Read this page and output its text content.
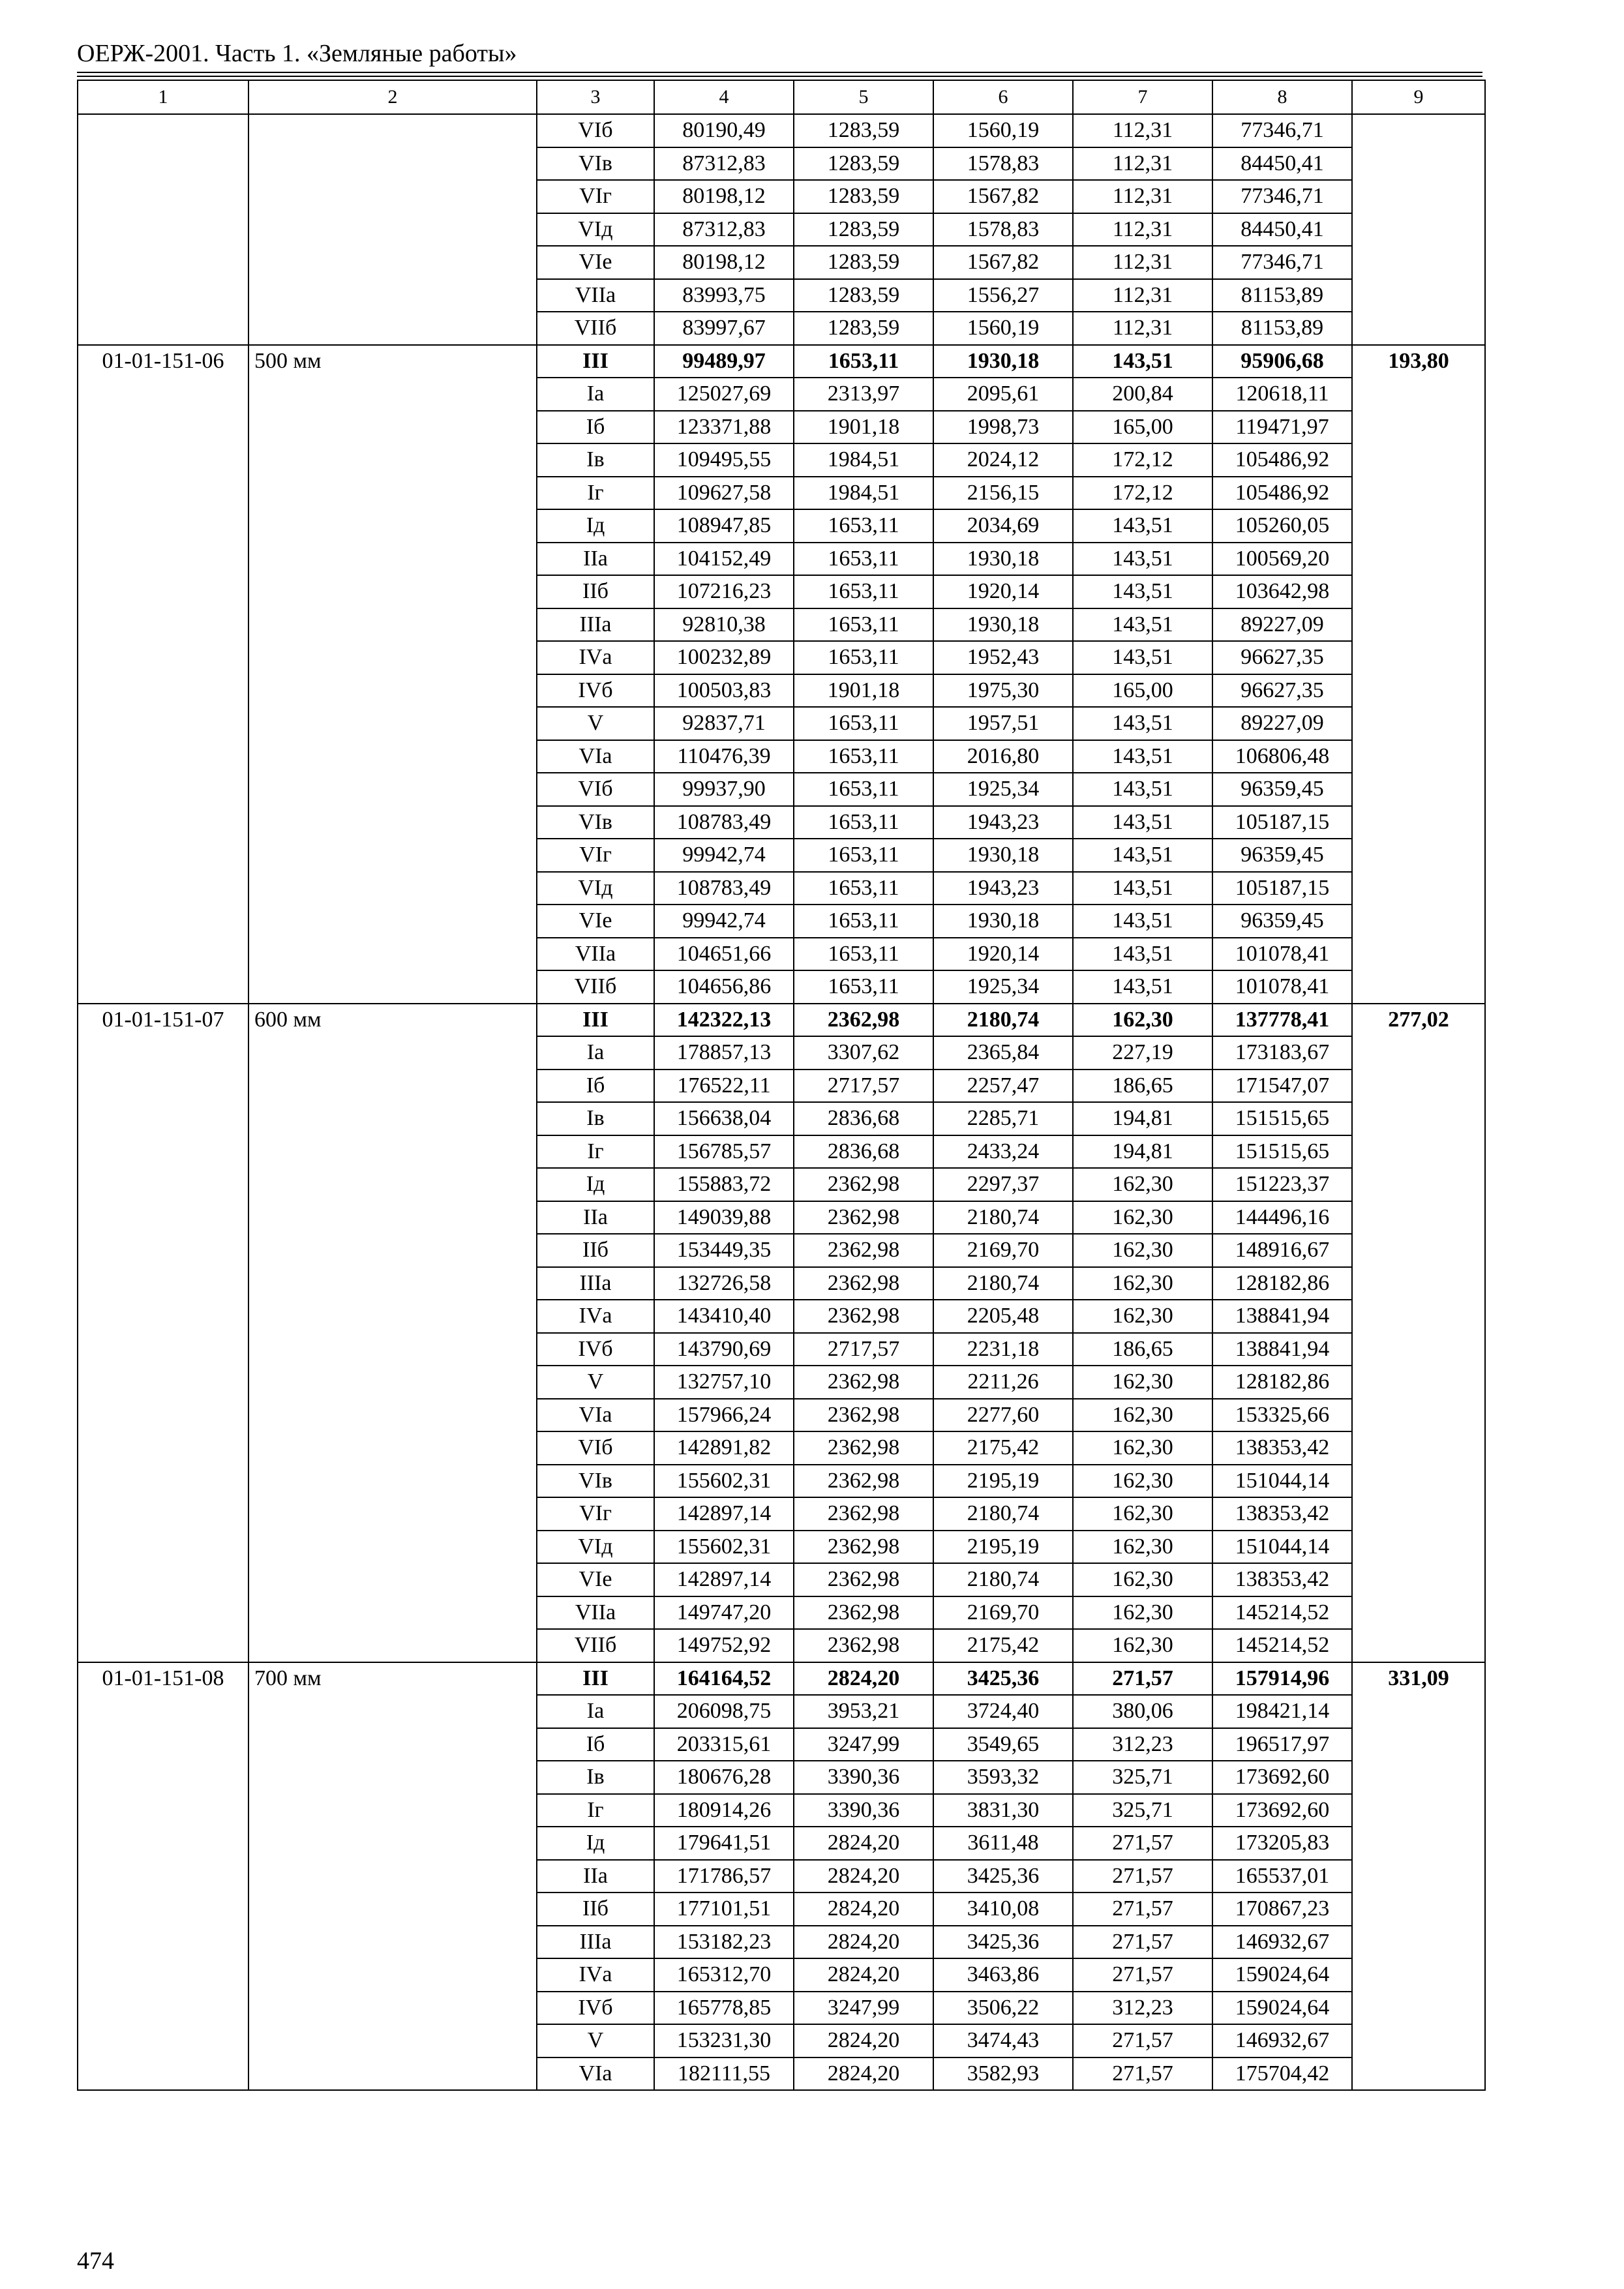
ОЕРЖ-2001. Часть 1. «Земляные работы»
1	2	3	4	5	6	7	8	9
		VIб	80190,49	1283,59	1560,19	112,31	77346,71	
		VIв	87312,83	1283,59	1578,83	112,31	84450,41	
		VIг	80198,12	1283,59	1567,82	112,31	77346,71	
		VIд	87312,83	1283,59	1578,83	112,31	84450,41	
		VIе	80198,12	1283,59	1567,82	112,31	77346,71	
		VIIа	83993,75	1283,59	1556,27	112,31	81153,89	
		VIIб	83997,67	1283,59	1560,19	112,31	81153,89	
01-01-151-06	500 мм	III	99489,97	1653,11	1930,18	143,51	95906,68	193,80
		Iа	125027,69	2313,97	2095,61	200,84	120618,11	
		Iб	123371,88	1901,18	1998,73	165,00	119471,97	
		Iв	109495,55	1984,51	2024,12	172,12	105486,92	
		Iг	109627,58	1984,51	2156,15	172,12	105486,92	
		Iд	108947,85	1653,11	2034,69	143,51	105260,05	
		IIа	104152,49	1653,11	1930,18	143,51	100569,20	
		IIб	107216,23	1653,11	1920,14	143,51	103642,98	
		IIIа	92810,38	1653,11	1930,18	143,51	89227,09	
		IVа	100232,89	1653,11	1952,43	143,51	96627,35	
		IVб	100503,83	1901,18	1975,30	165,00	96627,35	
		V	92837,71	1653,11	1957,51	143,51	89227,09	
		VIа	110476,39	1653,11	2016,80	143,51	106806,48	
		VIб	99937,90	1653,11	1925,34	143,51	96359,45	
		VIв	108783,49	1653,11	1943,23	143,51	105187,15	
		VIг	99942,74	1653,11	1930,18	143,51	96359,45	
		VIд	108783,49	1653,11	1943,23	143,51	105187,15	
		VIе	99942,74	1653,11	1930,18	143,51	96359,45	
		VIIа	104651,66	1653,11	1920,14	143,51	101078,41	
		VIIб	104656,86	1653,11	1925,34	143,51	101078,41	
01-01-151-07	600 мм	III	142322,13	2362,98	2180,74	162,30	137778,41	277,02
		Iа	178857,13	3307,62	2365,84	227,19	173183,67	
		Iб	176522,11	2717,57	2257,47	186,65	171547,07	
		Iв	156638,04	2836,68	2285,71	194,81	151515,65	
		Iг	156785,57	2836,68	2433,24	194,81	151515,65	
		Iд	155883,72	2362,98	2297,37	162,30	151223,37	
		IIа	149039,88	2362,98	2180,74	162,30	144496,16	
		IIб	153449,35	2362,98	2169,70	162,30	148916,67	
		IIIа	132726,58	2362,98	2180,74	162,30	128182,86	
		IVа	143410,40	2362,98	2205,48	162,30	138841,94	
		IVб	143790,69	2717,57	2231,18	186,65	138841,94	
		V	132757,10	2362,98	2211,26	162,30	128182,86	
		VIа	157966,24	2362,98	2277,60	162,30	153325,66	
		VIб	142891,82	2362,98	2175,42	162,30	138353,42	
		VIв	155602,31	2362,98	2195,19	162,30	151044,14	
		VIг	142897,14	2362,98	2180,74	162,30	138353,42	
		VIд	155602,31	2362,98	2195,19	162,30	151044,14	
		VIе	142897,14	2362,98	2180,74	162,30	138353,42	
		VIIа	149747,20	2362,98	2169,70	162,30	145214,52	
		VIIб	149752,92	2362,98	2175,42	162,30	145214,52	
01-01-151-08	700 мм	III	164164,52	2824,20	3425,36	271,57	157914,96	331,09
		Iа	206098,75	3953,21	3724,40	380,06	198421,14	
		Iб	203315,61	3247,99	3549,65	312,23	196517,97	
		Iв	180676,28	3390,36	3593,32	325,71	173692,60	
		Iг	180914,26	3390,36	3831,30	325,71	173692,60	
		Iд	179641,51	2824,20	3611,48	271,57	173205,83	
		IIа	171786,57	2824,20	3425,36	271,57	165537,01	
		IIб	177101,51	2824,20	3410,08	271,57	170867,23	
		IIIа	153182,23	2824,20	3425,36	271,57	146932,67	
		IVа	165312,70	2824,20	3463,86	271,57	159024,64	
		IVб	165778,85	3247,99	3506,22	312,23	159024,64	
		V	153231,30	2824,20	3474,43	271,57	146932,67	
		VIа	182111,55	2824,20	3582,93	271,57	175704,42	
474
